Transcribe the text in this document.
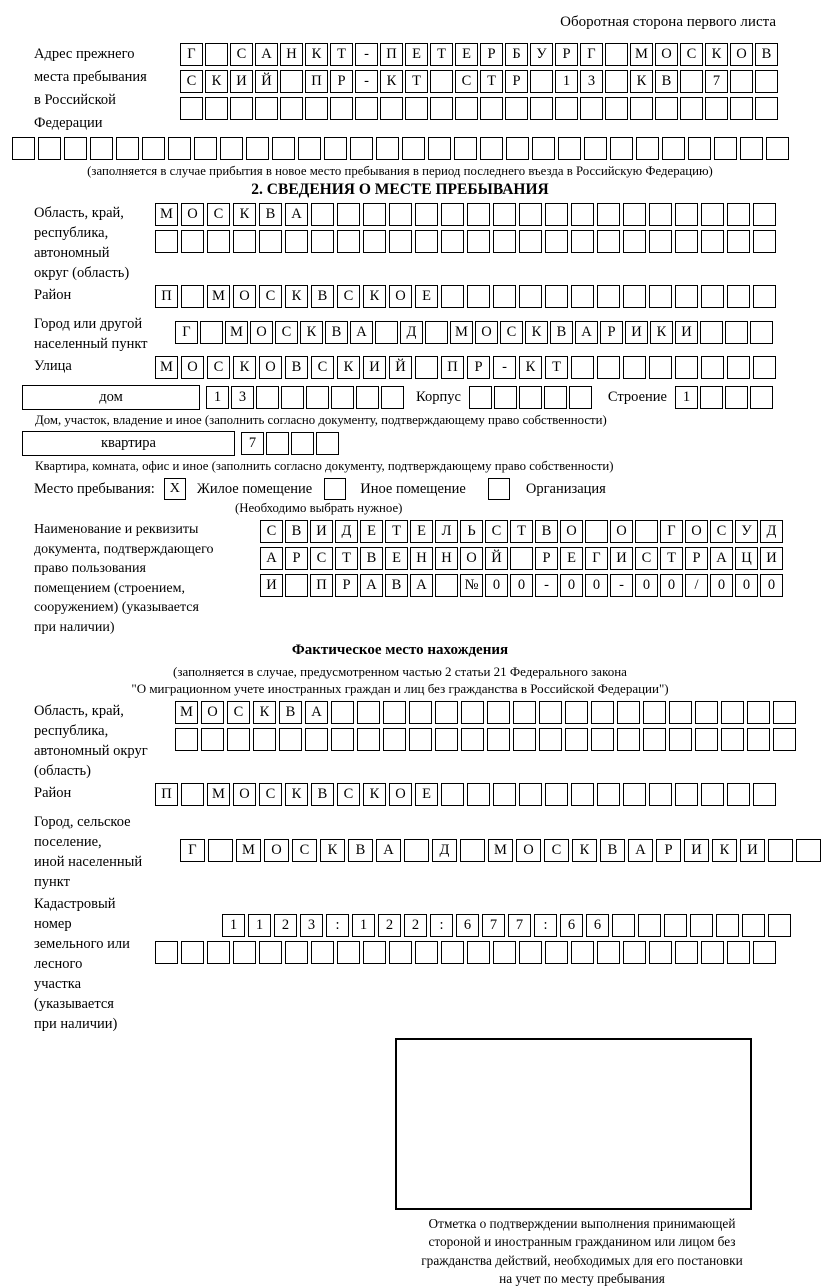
Оборотная сторона первого листа
Адрес прежнего
места пребывания
в Российской
Федерации
Г	С	А	Н	К	Т	-	П	Е	Т	Е	Р	Б	У	Р	Г	М О	С	К	О	В
С	К	И	Й	П	Р	-	К	Т	С	Т	Р	1	3	К	В	7
(заполняется в случае прибытия в новое место пребывания в период последнего въезда в Российскую Федерацию)
2. СВЕДЕНИЯ О МЕСТЕ ПРЕБЫВАНИЯ
Область, край,
республика,
автономный
округ (область)
М О	С	К	В	А
Район	П	М О	С	К	В	С	К	О	Е
Город или другой
населенный пункт
Г	М О	С	К	В	А	Д	М О	С	К	В	А	Р	И	К	И
Улица	М О	С	К	О	В	С	К	И	Й	П	Р	-	К	Т
дом	1	3	Корпус	Строение	1
Дом, участок, владение и иное (заполнить согласно документу, подтверждающему право собственности)
квартира	7
Квартира, комната, офис и иное (заполнить согласно документу, подтверждающему право собственности)
Место пребывания:	X	Жилое помещение	Иное помещение	Организация
(Необходимо выбрать нужное)
Наименование и реквизиты
документа, подтверждающего
право пользования
помещением (строением,
сооружением) (указывается
при наличии)
С	В	И	Д	Е	Т	Е	Л	Ь	С	Т	В	О	О	Г	О	С	У	Д
А	Р	С	Т	В	Е	Н	Н	О	Й	Р	Е	Г	И	С	Т	Р	А	Ц	И
И	П	Р	А	В	А	№ 0	0	-	0	0	-	0	0	/	0	0	0
Фактическое место нахождения
(заполняется в случае, предусмотренном частью 2 статьи 21 Федерального закона
"О миграционном учете иностранных граждан и лиц без гражданства в Российской Федерации")
Область, край,
республика,
автономный округ
(область)
М О	С	К	В	А
Район	П	М О	С	К	В	С	К	О	Е
Город, сельское поселение,
иной населенный пункт
Г	М	О	С	К	В	А	Д	М	О	С	К	В	А	Р	И	К	И
Кадастровый номер
земельного или лесного
участка (указывается
при наличии)
1	1	2	3	:	1	2	2	:	6	7	7	:	6	6
Отметка о подтверждении выполнения принимающей
стороной и иностранным гражданином или лицом без
гражданства действий, необходимых для его постановки
на учет по месту пребывания
